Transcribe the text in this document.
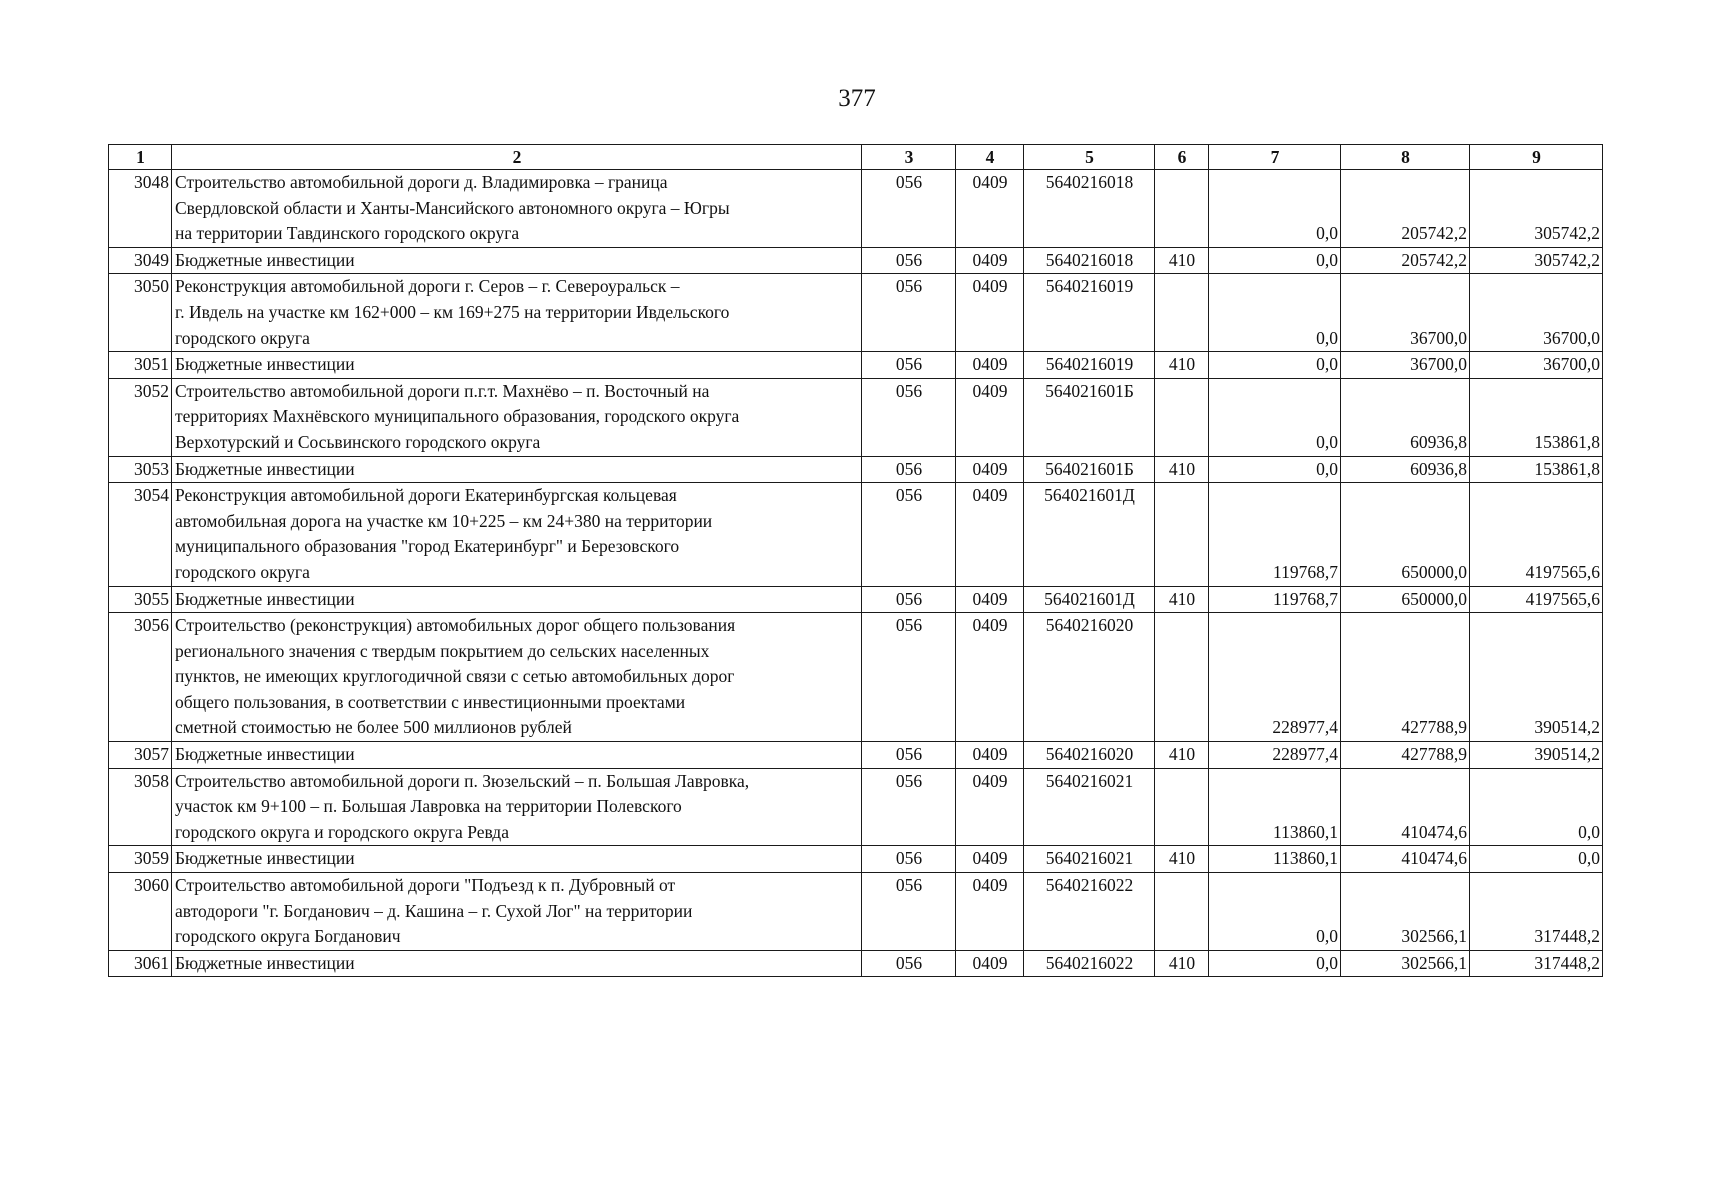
377
1	2	3	4	5	6	7	8	9
3048	Строительство автомобильной дороги д. Владимировка – граница
Свердловской области и Ханты-Мансийского автономного округа – Югры
на территории Тавдинского городского округа	056	0409	5640216018		0,0	205742,2	305742,2
3049	Бюджетные инвестиции	056	0409	5640216018	410	0,0	205742,2	305742,2
3050	Реконструкция автомобильной дороги г. Серов – г. Североуральск –
г. Ивдель на участке км 162+000 – км 169+275 на территории Ивдельского
городского округа	056	0409	5640216019		0,0	36700,0	36700,0
3051	Бюджетные инвестиции	056	0409	5640216019	410	0,0	36700,0	36700,0
3052	Строительство автомобильной дороги п.г.т. Махнёво – п. Восточный на
территориях Махнёвского муниципального образования, городского округа
Верхотурский и Сосьвинского городского округа	056	0409	564021601Б		0,0	60936,8	153861,8
3053	Бюджетные инвестиции	056	0409	564021601Б	410	0,0	60936,8	153861,8
3054	Реконструкция автомобильной дороги Екатеринбургская кольцевая
автомобильная дорога на участке км 10+225 – км 24+380 на территории
муниципального образования "город Екатеринбург" и Березовского
городского округа	056	0409	564021601Д		119768,7	650000,0	4197565,6
3055	Бюджетные инвестиции	056	0409	564021601Д	410	119768,7	650000,0	4197565,6
3056	Строительство (реконструкция) автомобильных дорог общего пользования
регионального значения с твердым покрытием до сельских населенных
пунктов, не имеющих круглогодичной связи с сетью автомобильных дорог
общего пользования, в соответствии с инвестиционными проектами
сметной стоимостью не более 500 миллионов рублей	056	0409	5640216020		228977,4	427788,9	390514,2
3057	Бюджетные инвестиции	056	0409	5640216020	410	228977,4	427788,9	390514,2
3058	Строительство автомобильной дороги п. Зюзельский – п. Большая Лавровка,
участок км 9+100 – п. Большая Лавровка на территории Полевского
городского округа и городского округа Ревда	056	0409	5640216021		113860,1	410474,6	0,0
3059	Бюджетные инвестиции	056	0409	5640216021	410	113860,1	410474,6	0,0
3060	Строительство автомобильной дороги "Подъезд к п. Дубровный от
автодороги "г. Богданович – д. Кашина – г. Сухой Лог" на территории
городского округа Богданович	056	0409	5640216022		0,0	302566,1	317448,2
3061	Бюджетные инвестиции	056	0409	5640216022	410	0,0	302566,1	317448,2
